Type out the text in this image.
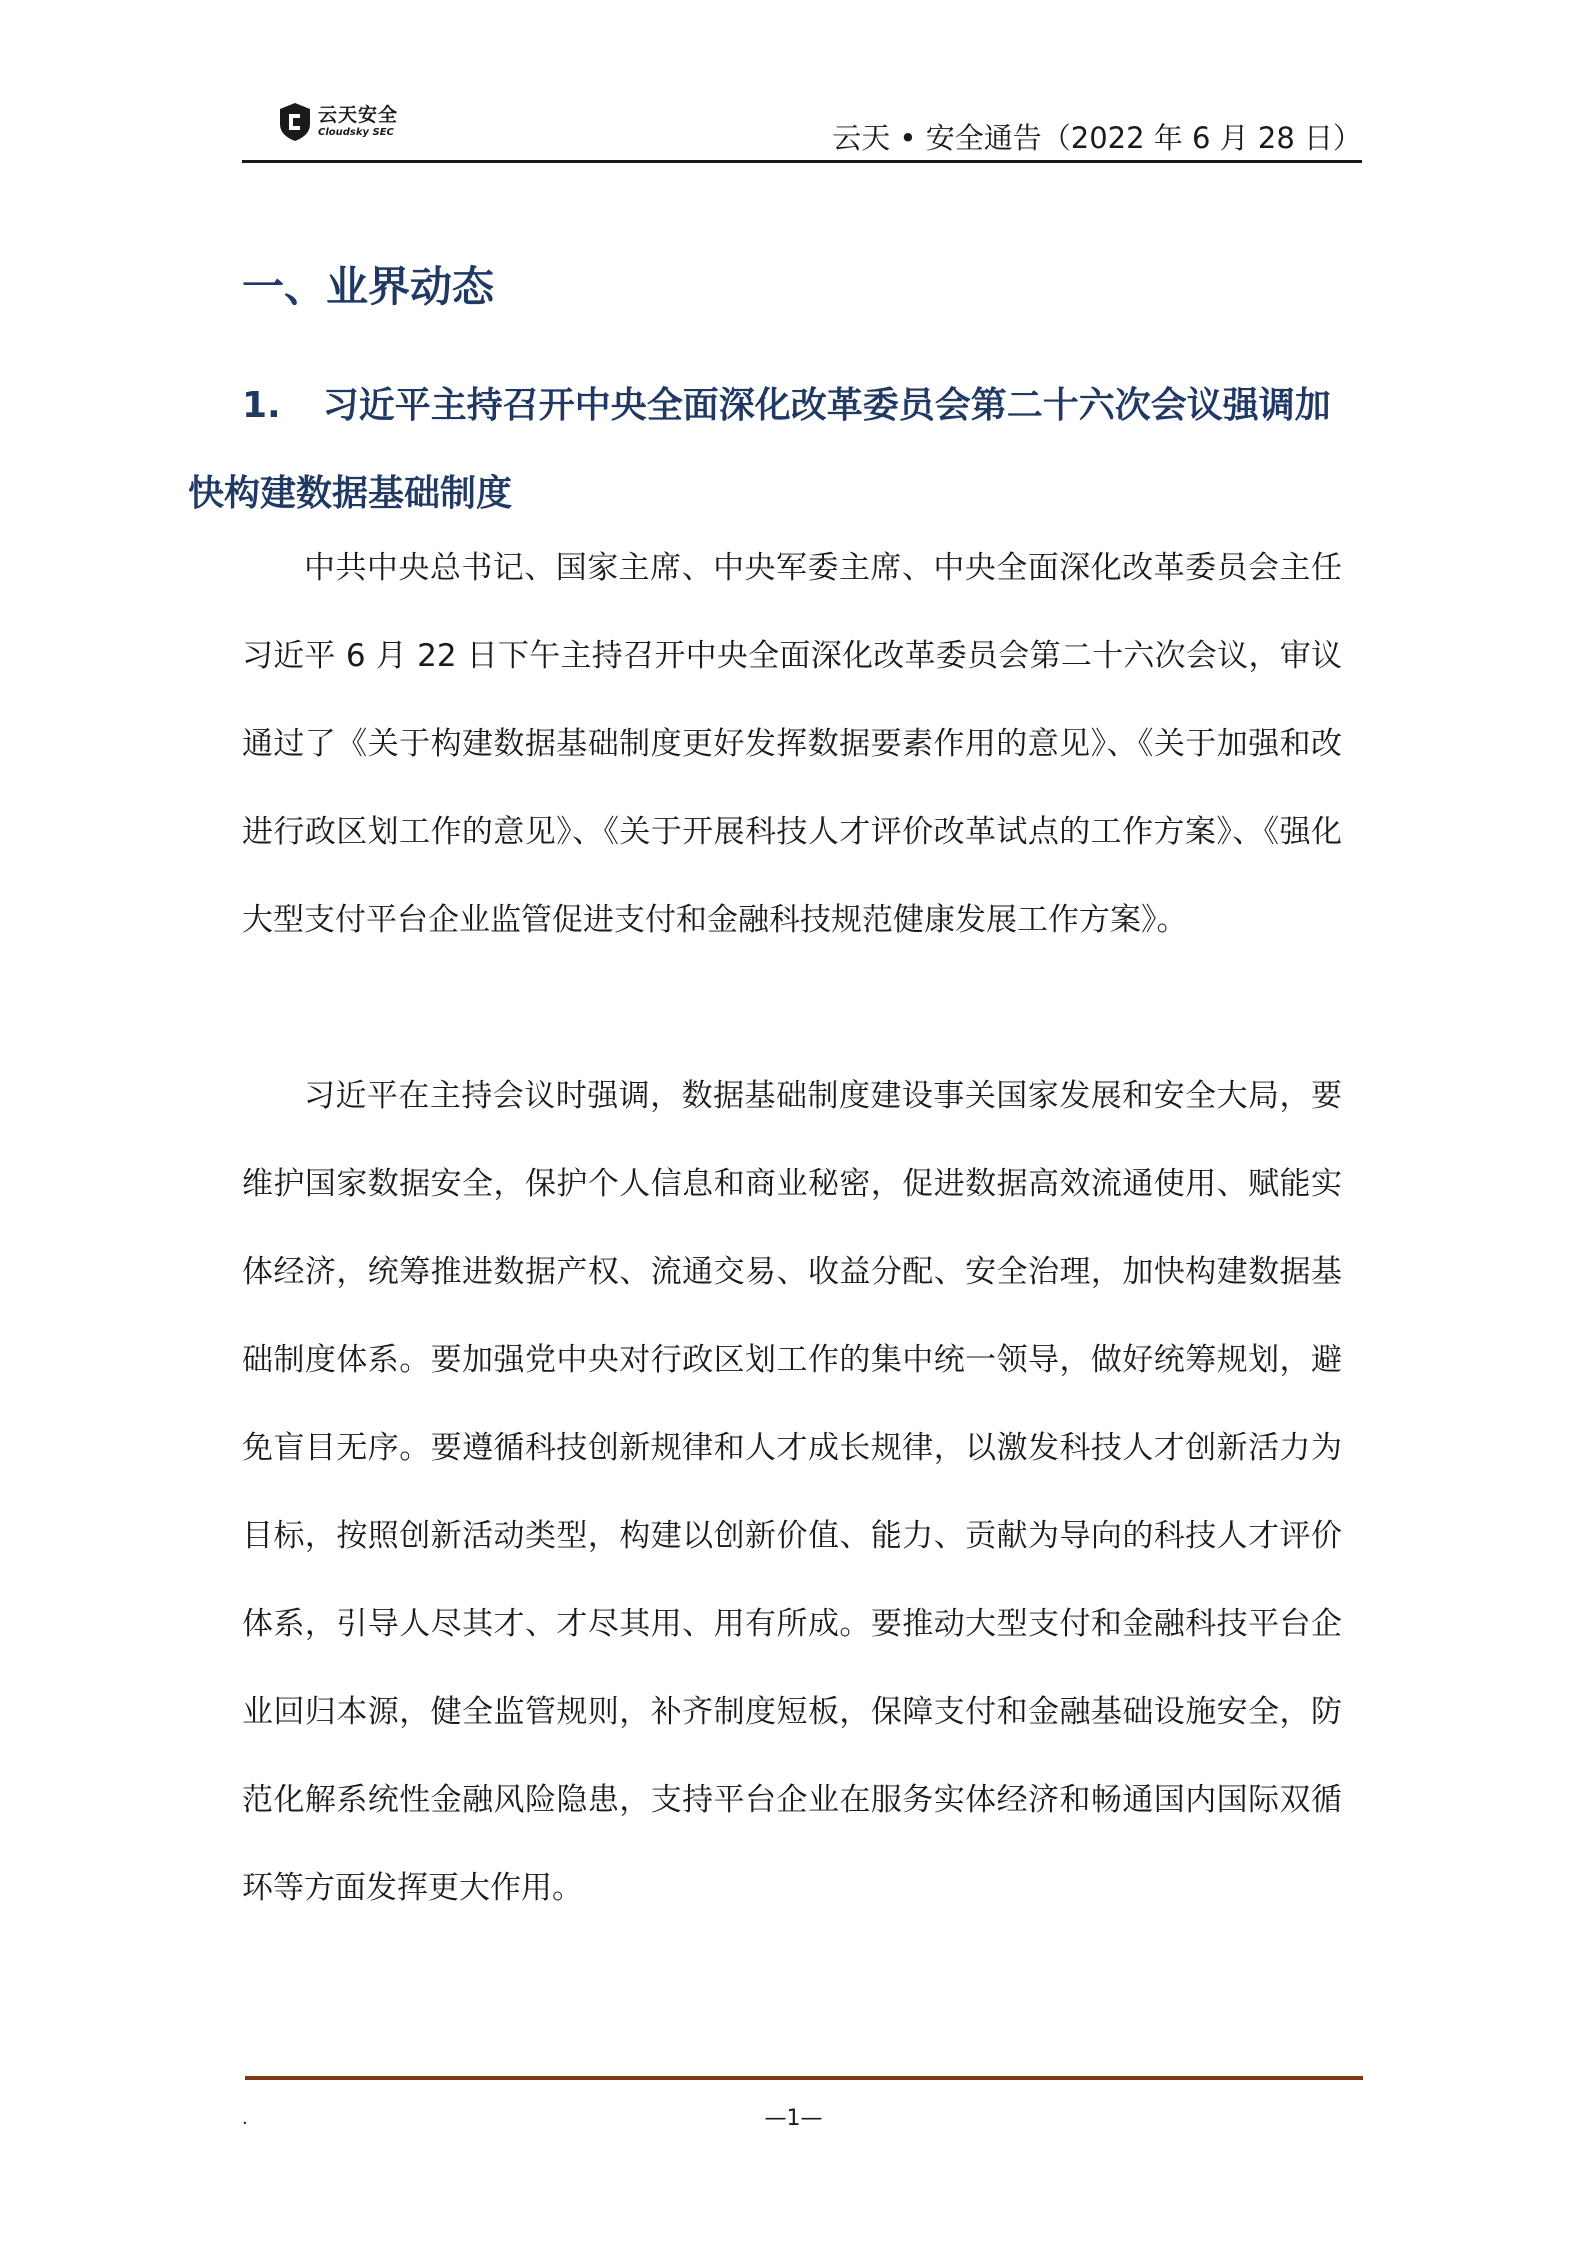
云天安全
Cloudsky SEC	云天 • 安全通告（2022 年 6 月 28 日）
一、业界动态
1. 习近平主持召开中央全面深化改革委员会第二十六次会议强调加快构建数据基础制度
中共中央总书记、国家主席、中央军委主席、中央全面深化改革委员会主任习近平 6 月 22 日下午主持召开中央全面深化改革委员会第二十六次会议，审议通过了《关于构建数据基础制度更好发挥数据要素作用的意见》、《关于加强和改进行政区划工作的意见》、《关于开展科技人才评价改革试点的工作方案》、《强化大型支付平台企业监管促进支付和金融科技规范健康发展工作方案》。
习近平在主持会议时强调，数据基础制度建设事关国家发展和安全大局，要维护国家数据安全，保护个人信息和商业秘密，促进数据高效流通使用、赋能实体经济，统筹推进数据产权、流通交易、收益分配、安全治理，加快构建数据基础制度体系。要加强党中央对行政区划工作的集中统一领导，做好统筹规划，避免盲目无序。要遵循科技创新规律和人才成长规律，以激发科技人才创新活力为目标，按照创新活动类型，构建以创新价值、能力、贡献为导向的科技人才评价体系，引导人尽其才、才尽其用、用有所成。要推动大型支付和金融科技平台企业回归本源，健全监管规则，补齐制度短板，保障支付和金融基础设施安全，防范化解系统性金融风险隐患，支持平台企业在服务实体经济和畅通国内国际双循环等方面发挥更大作用。
.	—1—
